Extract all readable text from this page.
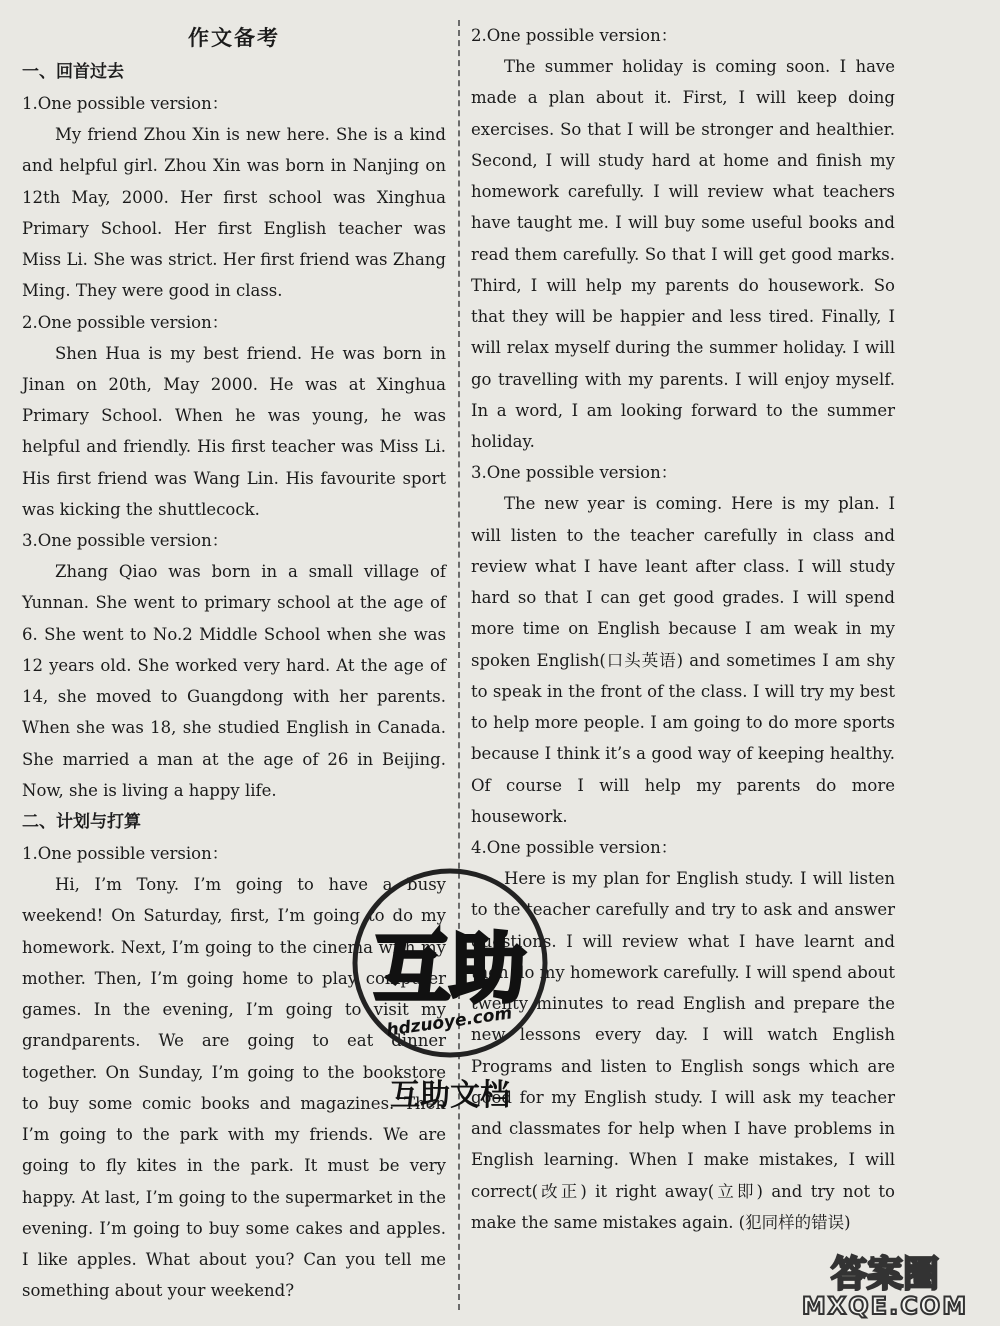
作文备考
一、回首过去
1.One possible version：

My friend Zhou Xin is new here. She is a kind and helpful girl. Zhou Xin was born in Nanjing on 12th May, 2000. Her first school was Xinghua Primary School. Her first English teacher was Miss Li. She was strict. Her first friend was Zhang Ming. They were good in class.

2.One possible version：

Shen Hua is my best friend. He was born in Jinan on 20th, May 2000. He was at Xinghua Primary School. When he was young, he was helpful and friendly. His first teacher was Miss Li. His first friend was Wang Lin. His favourite sport was kicking the shuttlecock.

3.One possible version：

Zhang Qiao was born in a small village of Yunnan. She went to primary school at the age of 6. She went to No.2 Middle School when she was 12 years old. She worked very hard. At the age of 14, she moved to Guangdong with her parents. When she was 18, she studied English in Canada. She married a man at the age of 26 in Beijing. Now, she is living a happy life.

二、计划与打算
1.One possible version：

Hi, I’m Tony. I’m going to have a busy weekend! On Saturday, first, I’m going to do my homework. Next, I’m going to the cinema with my mother. Then, I’m going home to play computer games. In the evening, I’m going to visit my grandparents. We are going to eat dinner together. On Sunday, I’m going to the bookstore to buy some comic books and magazines. Then I’m going to the park with my friends. We are going to fly kites in the park. It must be very happy. At last, I’m going to the supermarket in the evening. I’m going to buy some cakes and apples. I like apples. What about you? Can you tell me something about your weekend?

2.One possible version：

The summer holiday is coming soon. I have made a plan about it. First, I will keep doing exercises. So that I will be stronger and healthier. Second, I will study hard at home and finish my homework carefully. I will review what teachers have taught me. I will buy some useful books and read them carefully. So that I will get good marks. Third, I will help my parents do housework. So that they will be happier and less tired. Finally, I will relax myself during the summer holiday. I will go travelling with my parents. I will enjoy myself. In a word, I am looking forward to the summer holiday.

3.One possible version：

The new year is coming. Here is my plan. I will listen to the teacher carefully in class and review what I have leant after class. I will study hard so that I can get good grades. I will spend more time on English because I am weak in my spoken English(口头英语) and sometimes I am shy to speak in the front of the class. I will try my best to help more people. I am going to do more sports because I think it’s a good way of keeping healthy. Of course I will help my parents do more housework.

4.One possible version：

Here is my plan for English study. I will listen to the teacher carefully and try to ask and answer questions. I will review what I have learnt and then do my homework carefully. I will spend about twenty minutes to read English and prepare the new lessons every day. I will watch English Programs and listen to English songs which are good for my English study. I will ask my teacher and classmates for help when I have problems in English learning. When I make mistakes, I will correct(改正) it right away(立即) and try not to make the same mistakes again. (犯同样的错误)

互助
hdzuoye.com
互助文档
答案圈
MXQE.COM
